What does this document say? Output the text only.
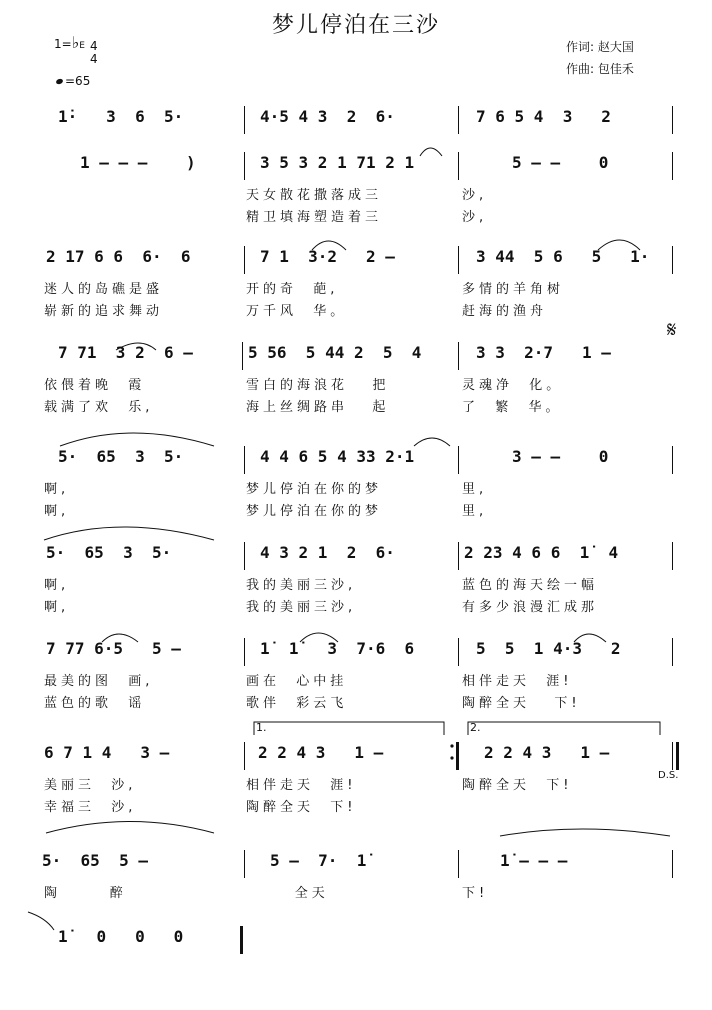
梦儿停泊在三沙
作词: 赵大国
作曲: 包佳禾
1=♭E 4
4
=65
1̇·   3  6  5·	4·5 4 3  2  6·	7 6 5 4  3   2
1 – – –    )	3 5 3 2 1 71 2 1	5 – –    0
天女散花撒落成三	沙,
精卫填海塑造着三	沙,
2 17 6 6  6·  6	7 1  3·2   2 –	3 44  5 6   5   1·
迷人的岛礁是盛	开的奇  葩,	多情的羊角树
崭新的追求舞动	万千风  华。	赶海的渔舟
7 71  3 2  6 –	5 56  5 44 2  5  4	3 3  2·7   1 –
依偎着晚  霞	雪白的海浪花   把	灵魂净  化。
载满了欢  乐,	海上丝绸路串   起	了  繁  华。
5·  65  3  5·	4 4 6 5 4 33 2·1	3 – –    0
啊,	梦儿停泊在你的梦	里,
啊,	梦儿停泊在你的梦	里,
5·  65  3  5·	4 3 2 1  2  6·	2 23 4 6 6  1̇  4
啊,	我的美丽三沙,	蓝色的海天绘一幅
啊,	我的美丽三沙,	有多少浪漫汇成那
7 77 6·5   5 –	1̇  1̇   3  7·6  6	5  5  1 4·3   2
最美的图  画,	画在  心中挂	相伴走天  涯!
蓝色的歌  谣	歌伴  彩云飞	陶醉全天   下!
6 7 1 4   3 –	2 2 4 3   1 –	2 2 4 3   1 –
美丽三  沙,	相伴走天  涯!	陶醉全天  下!
幸福三  沙,	陶醉全天  下!
5·  65  5 –	5 –  7·  1̇	1̇ – – –
陶      醉	全天	下!
1̇   0   0   0
1.	2.
D.S.
𝄋
